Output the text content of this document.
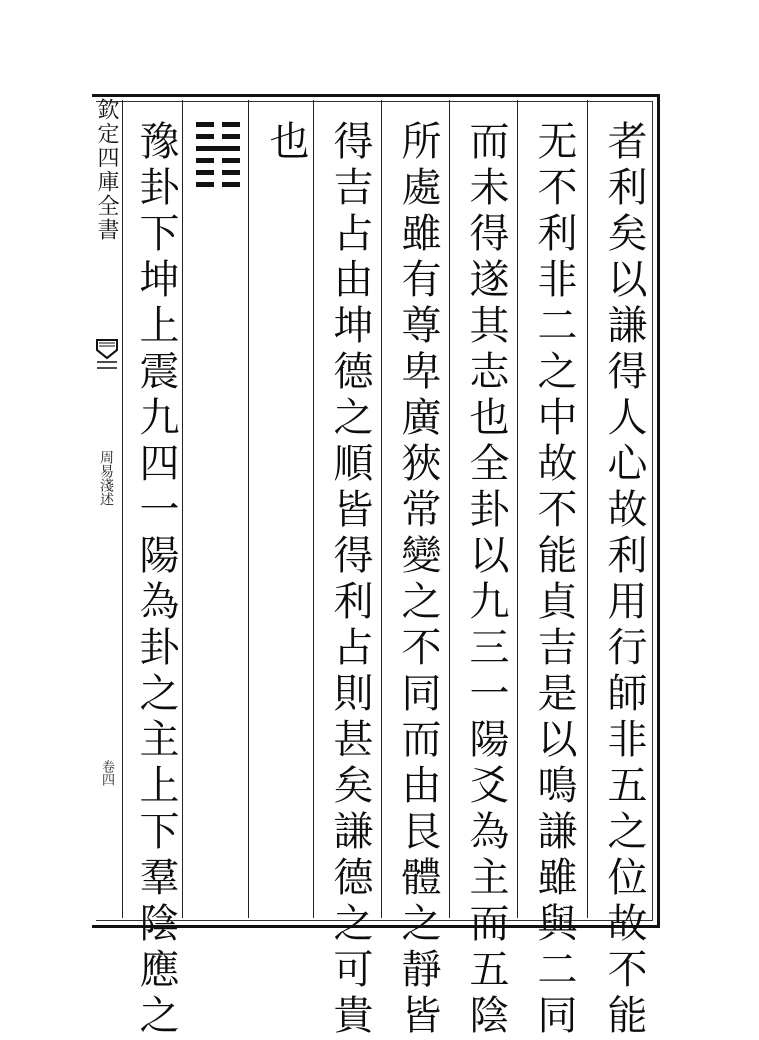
欽定四庫全書
周易淺述
卷四	者利矣以謙得人心故利用行師非五之位故不能
无不利非二之中故不能貞吉是以鳴謙雖與二同
而未得遂其志也全卦以九三一陽爻為主而五陰
所處雖有尊卑廣狹常變之不同而由艮體之靜皆
得吉占由坤德之順皆得利占則甚矣謙德之可貴
也
豫卦下坤上震九四一陽為卦之主上下羣陰應之
